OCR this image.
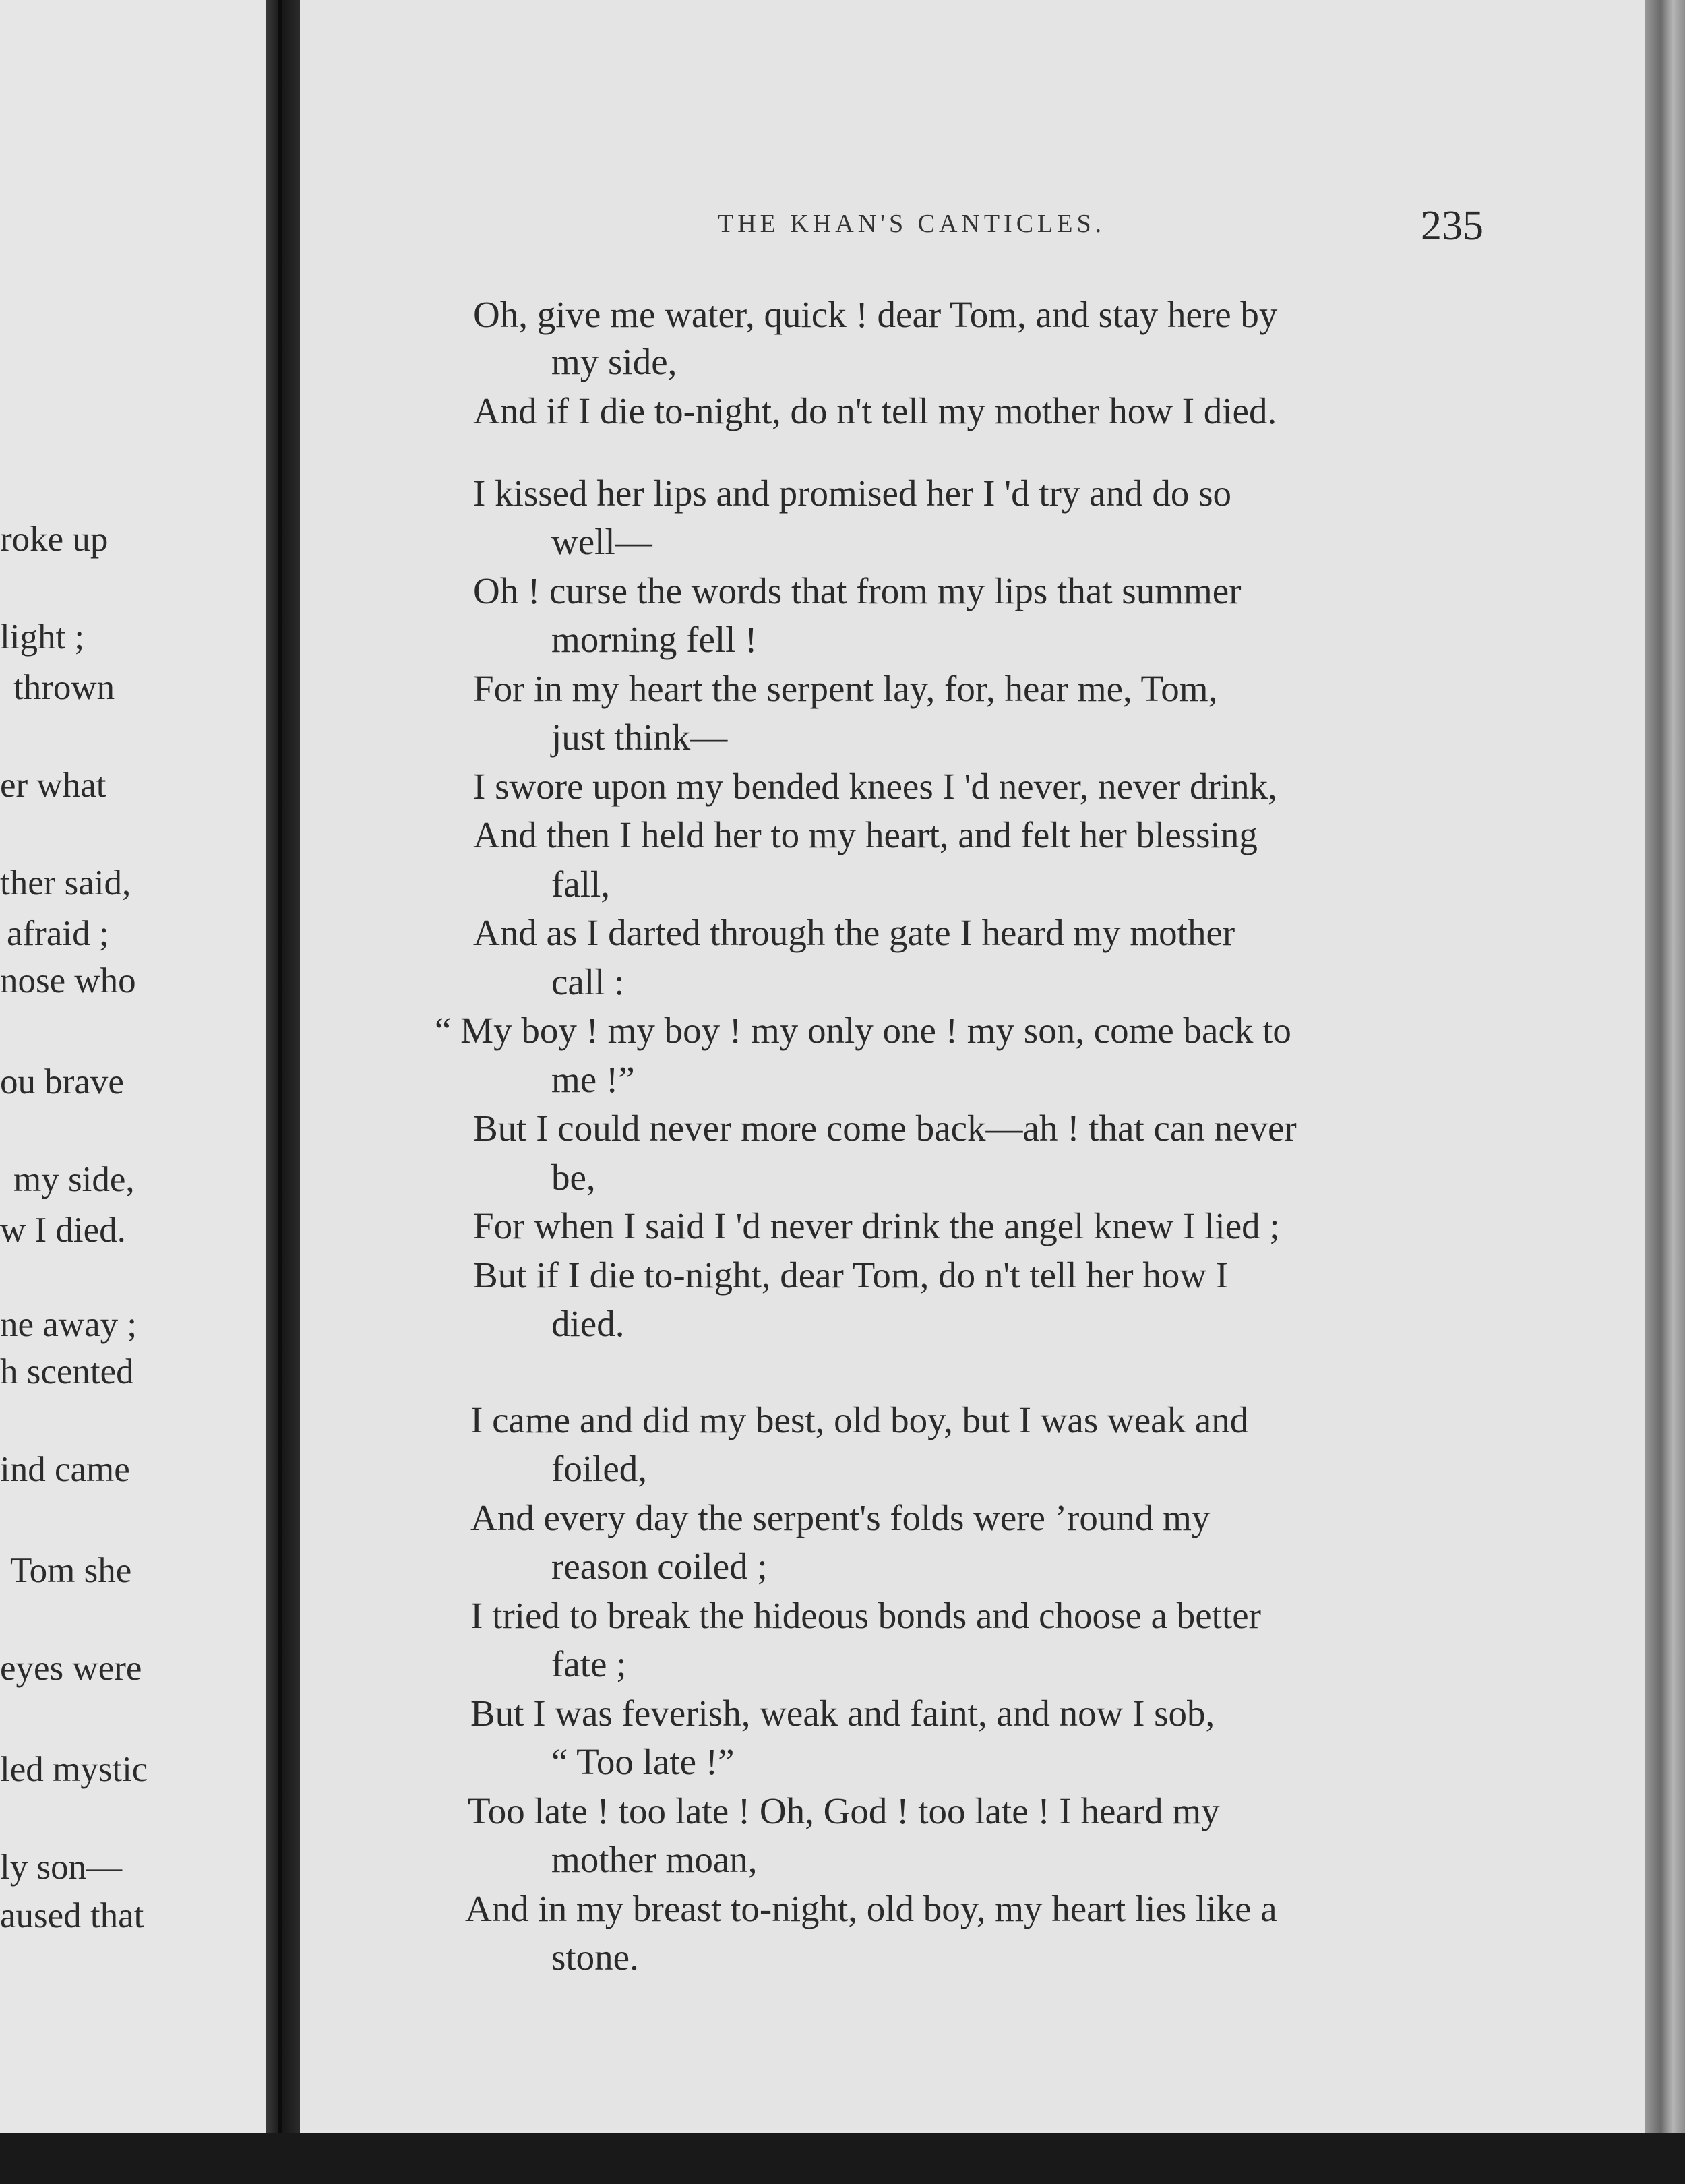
roke up
light ;
thrown
er what
ther said,
afraid ;
nose who
ou brave
my side,
w I died.
ne away ;
h scented
ind came
Tom she
eyes were
led mystic
ly son—
aused that
THE KHAN'S CANTICLES.	235
Oh, give me water, quick ! dear Tom, and stay here by
my side,
And if I die to-night, do n't tell my mother how I died.
I kissed her lips and promised her I 'd try and do so
well—
Oh ! curse the words that from my lips that summer
morning fell !
For in my heart the serpent lay, for, hear me, Tom,
just think—
I swore upon my bended knees I 'd never, never drink,
And then I held her to my heart, and felt her blessing
fall,
And as I darted through the gate I heard my mother
call :
“ My boy ! my boy ! my only one ! my son, come back to
me !”
But I could never more come back—ah ! that can never
be,
For when I said I 'd never drink the angel knew I lied ;
But if I die to-night, dear Tom, do n't tell her how I
died.
I came and did my best, old boy, but I was weak and
foiled,
And every day the serpent's folds were ’round my
reason coiled ;
I tried to break the hideous bonds and choose a better
fate ;
But I was feverish, weak and faint, and now I sob,
“ Too late !”
Too late ! too late ! Oh, God ! too late ! I heard my
mother moan,
And in my breast to-night, old boy, my heart lies like a
stone.
